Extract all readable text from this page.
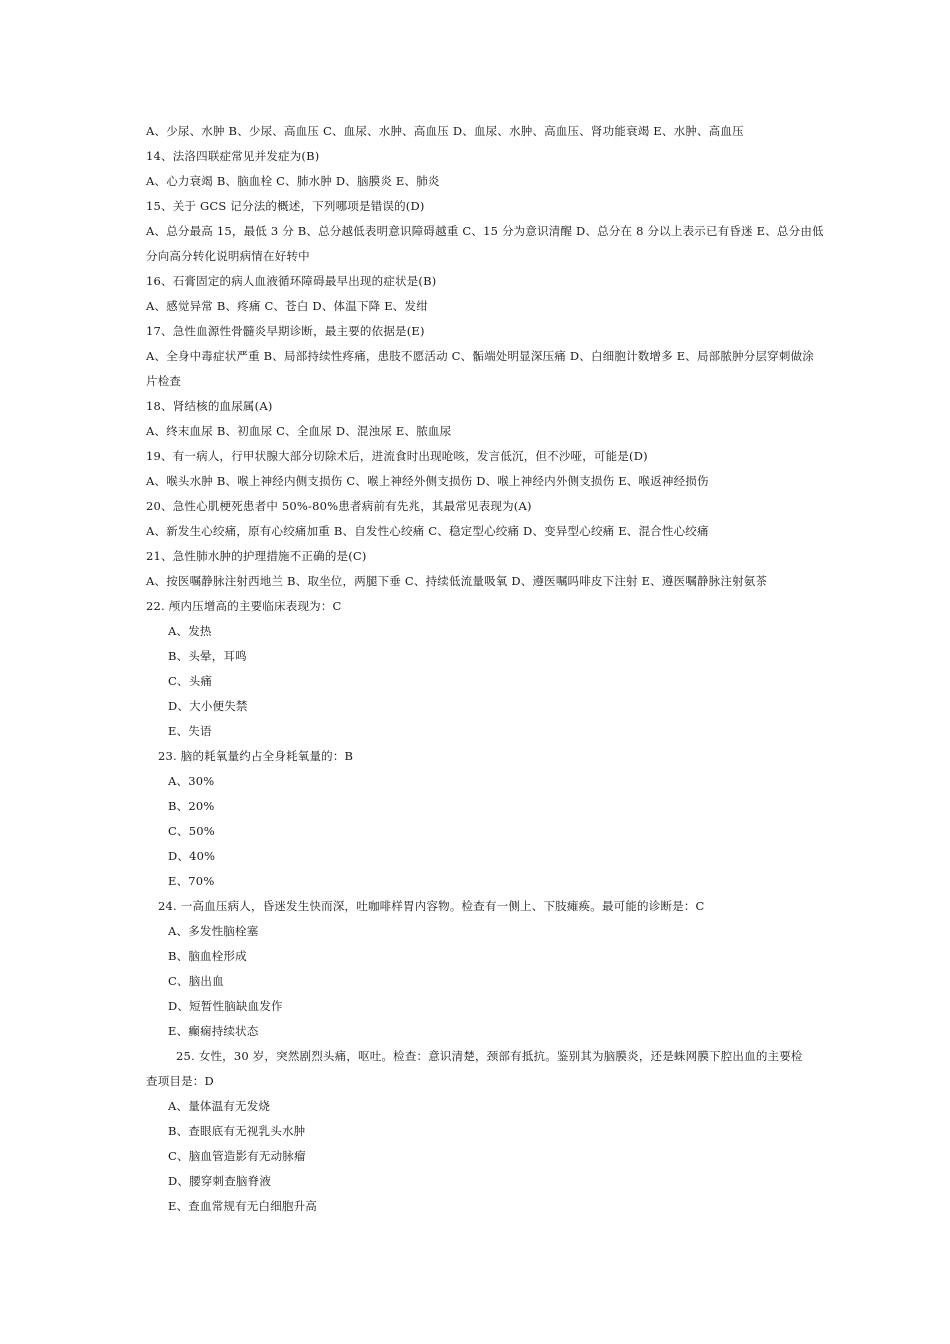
A、少尿、水肿 B、少尿、高血压 C、血尿、水肿、高血压 D、血尿、水肿、高血压、肾功能衰竭 E、水肿、高血压
14、法洛四联症常见并发症为(B)
A、心力衰竭 B、脑血栓 C、肺水肿 D、脑膜炎 E、肺炎
15、关于 GCS 记分法的概述，下列哪项是错误的(D)
A、总分最高 15，最低 3 分 B、总分越低表明意识障碍越重 C、15 分为意识清醒 D、总分在 8 分以上表示已有昏迷 E、总分由低
分向高分转化说明病情在好转中
16、石膏固定的病人血液循环障碍最早出现的症状是(B)
A、感觉异常 B、疼痛 C、苍白 D、体温下降 E、发绀
17、急性血源性骨髓炎早期诊断，最主要的依据是(E)
A、全身中毒症状严重 B、局部持续性疼痛，患肢不愿活动 C、骺端处明显深压痛 D、白细胞计数增多 E、局部脓肿分层穿刺做涂
片检查
18、肾结核的血尿属(A)
A、终末血尿 B、初血尿 C、全血尿 D、混浊尿 E、脓血尿
19、有一病人，行甲状腺大部分切除术后，进流食时出现呛咳，发言低沉，但不沙哑，可能是(D)
A、喉头水肿 B、喉上神经内侧支损伤 C、喉上神经外侧支损伤 D、喉上神经内外侧支损伤 E、喉返神经损伤
20、急性心肌梗死患者中 50%-80%患者病前有先兆，其最常见表现为(A)
A、新发生心绞痛，原有心绞痛加重 B、自发性心绞痛 C、稳定型心绞痛 D、变异型心绞痛 E、混合性心绞痛
21、急性肺水肿的护理措施不正确的是(C)
A、按医嘱静脉注射西地兰 B、取坐位，两腿下垂 C、持续低流量吸氧 D、遵医嘱吗啡皮下注射 E、遵医嘱静脉注射氨茶
22. 颅内压增高的主要临床表现为：C
A、发热
B、头晕，耳鸣
C、头痛
D、大小便失禁
E、失语
23. 脑的耗氧量约占全身耗氧量的：B
A、30%
B、20%
C、50%
D、40%
E、70%
24. 一高血压病人，昏迷发生快而深，吐咖啡样胃内容物。检查有一侧上、下肢瘫痪。最可能的诊断是：C
A、多发性脑栓塞
B、脑血栓形成
C、脑出血
D、短暂性脑缺血发作
E、癫痫持续状态
25. 女性，30 岁，突然剧烈头痛，呕吐。检查：意识清楚，颈部有抵抗。鉴别其为脑膜炎，还是蛛网膜下腔出血的主要检
查项目是：D
A、量体温有无发烧
B、查眼底有无视乳头水肿
C、脑血管造影有无动脉瘤
D、腰穿刺查脑脊液
E、查血常规有无白细胞升高
